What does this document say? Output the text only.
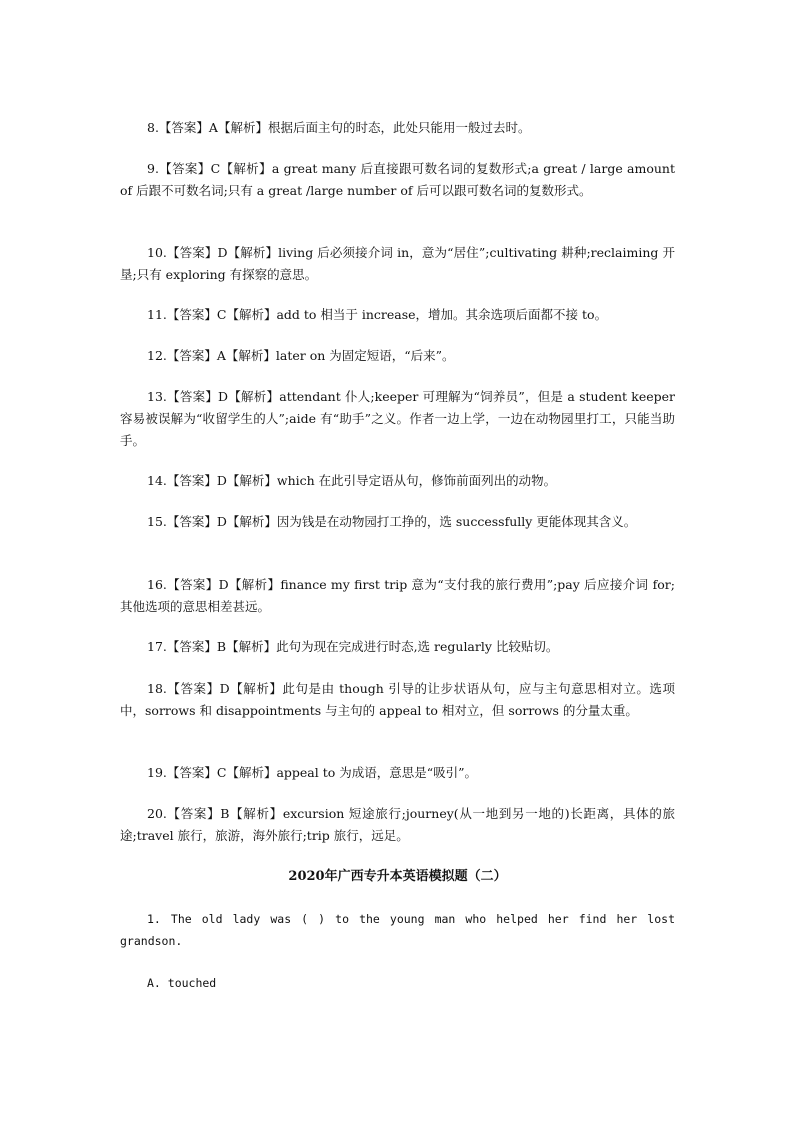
8.【答案】A【解析】根据后面主句的时态，此处只能用一般过去时。
9.【答案】C【解析】a great many 后直接跟可数名词的复数形式;a great / large amount of 后跟不可数名词;只有 a great /large number of 后可以跟可数名词的复数形式。
10.【答案】D【解析】living 后必须接介词 in，意为“居住”;cultivating 耕种;reclaiming 开垦;只有 exploring 有探察的意思。
11.【答案】C【解析】add to 相当于 increase，增加。其余选项后面都不接 to。
12.【答案】A【解析】later on 为固定短语，“后来”。
13.【答案】D【解析】attendant 仆人;keeper 可理解为“饲养员”，但是 a student keeper 容易被误解为“收留学生的人”;aide 有“助手”之义。作者一边上学，一边在动物园里打工，只能当助手。
14.【答案】D【解析】which 在此引导定语从句，修饰前面列出的动物。
15.【答案】D【解析】因为钱是在动物园打工挣的，选 successfully 更能体现其含义。
16.【答案】D【解析】finance my first trip 意为“支付我的旅行费用”;pay 后应接介词 for;其他选项的意思相差甚远。
17.【答案】B【解析】此句为现在完成进行时态,选 regularly 比较贴切。
18.【答案】D【解析】此句是由 though 引导的让步状语从句，应与主句意思相对立。选项中，sorrows 和 disappointments 与主句的 appeal to 相对立，但 sorrows 的分量太重。
19.【答案】C【解析】appeal to 为成语，意思是“吸引”。
20.【答案】B【解析】excursion 短途旅行;journey(从一地到另一地的)长距离，具体的旅途;travel 旅行，旅游，海外旅行;trip 旅行，远足。
2020年广西专升本英语模拟题（二）
1. The old lady was ( ) to the young man who helped her find her lost grandson.
A. touched
